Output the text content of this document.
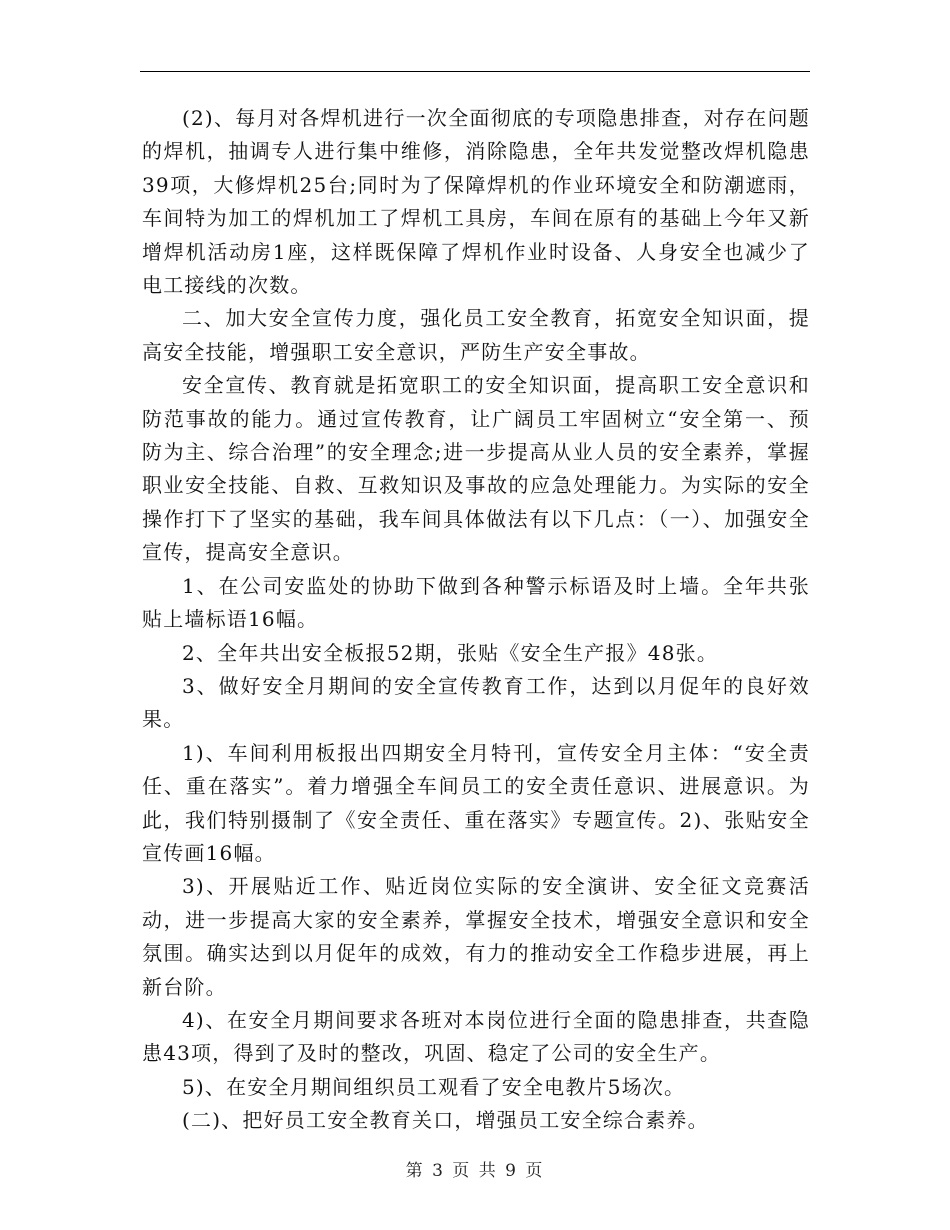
(2)、每月对各焊机进行一次全面彻底的专项隐患排查，对存在问题的焊机，抽调专人进行集中维修，消除隐患，全年共发觉整改焊机隐患39项，大修焊机25台;同时为了保障焊机的作业环境安全和防潮遮雨，车间特为加工的焊机加工了焊机工具房，车间在原有的基础上今年又新增焊机活动房1座，这样既保障了焊机作业时设备、人身安全也减少了电工接线的次数。

二、加大安全宣传力度，强化员工安全教育，拓宽安全知识面，提高安全技能，增强职工安全意识，严防生产安全事故。

安全宣传、教育就是拓宽职工的安全知识面，提高职工安全意识和防范事故的能力。通过宣传教育，让广阔员工牢固树立“安全第一、预防为主、综合治理”的安全理念;进一步提高从业人员的安全素养，掌握职业安全技能、自救、互救知识及事故的应急处理能力。为实际的安全操作打下了坚实的基础，我车间具体做法有以下几点：（一）、加强安全宣传，提高安全意识。

1、在公司安监处的协助下做到各种警示标语及时上墙。全年共张贴上墙标语16幅。

2、全年共出安全板报52期，张贴《安全生产报》48张。

3、做好安全月期间的安全宣传教育工作，达到以月促年的良好效果。

1)、车间利用板报出四期安全月特刊，宣传安全月主体：“安全责任、重在落实”。着力增强全车间员工的安全责任意识、进展意识。为此，我们特别摄制了《安全责任、重在落实》专题宣传。2)、张贴安全宣传画16幅。

3)、开展贴近工作、贴近岗位实际的安全演讲、安全征文竞赛活动，进一步提高大家的安全素养，掌握安全技术，增强安全意识和安全氛围。确实达到以月促年的成效，有力的推动安全工作稳步进展，再上新台阶。

4)、在安全月期间要求各班对本岗位进行全面的隐患排查，共查隐患43项，得到了及时的整改，巩固、稳定了公司的安全生产。

5)、在安全月期间组织员工观看了安全电教片5场次。

(二)、把好员工安全教育关口，增强员工安全综合素养。

第 3 页 共 9 页
